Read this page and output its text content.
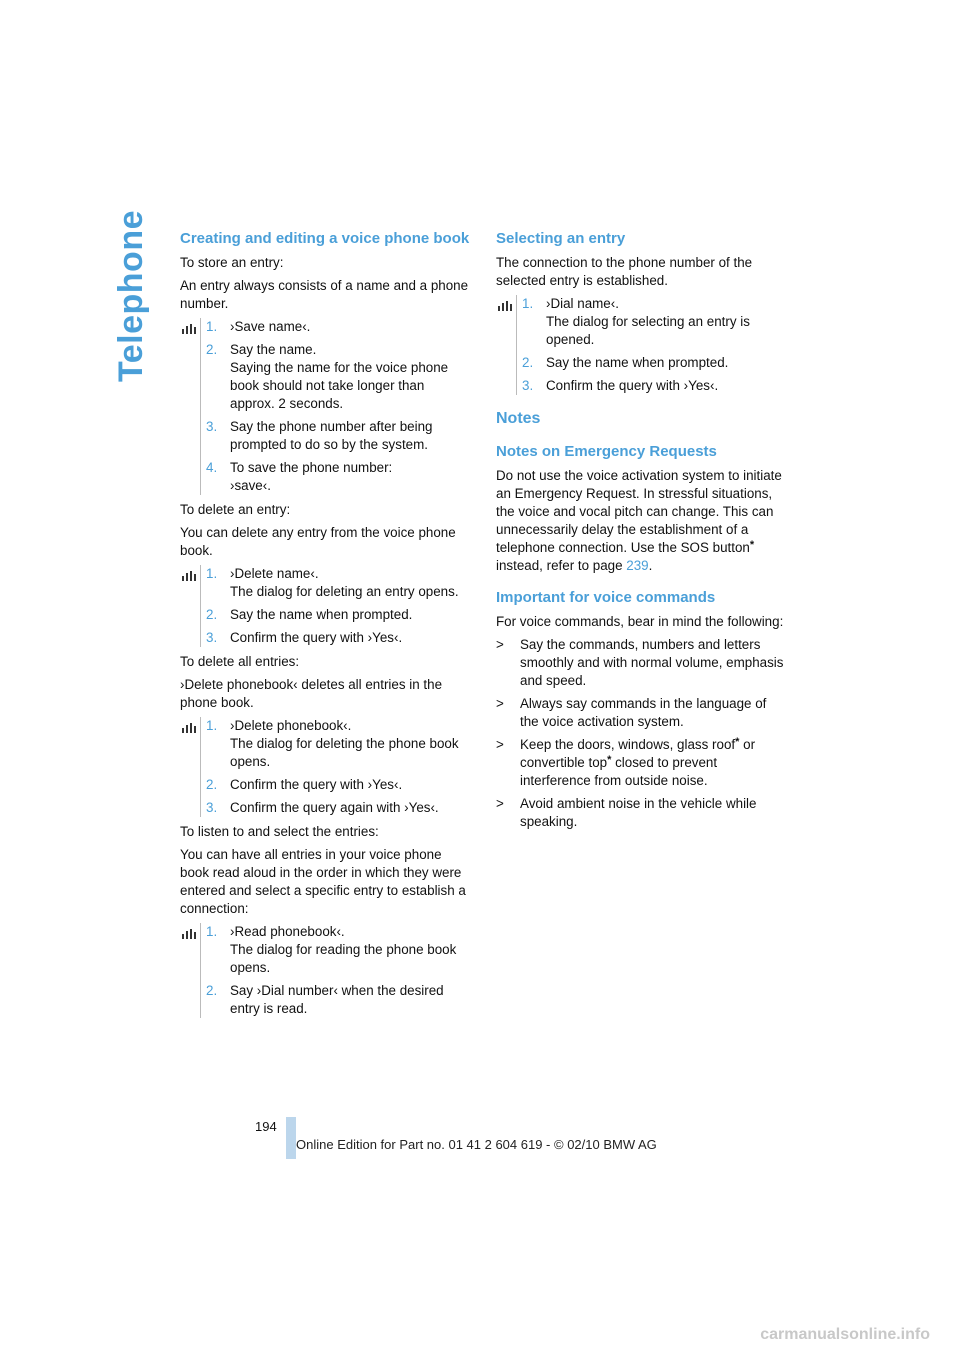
Telephone Creating and editing a voice phone book

To store an entry:

An entry always consists of a name and a phone number.

1. ›Save name‹.
2. Say the name.
Saying the name for the voice phone book should not take longer than approx. 2 seconds.
3. Say the phone number after being prompted to do so by the system.
4. To save the phone number:
›save‹.

To delete an entry:

You can delete any entry from the voice phone book.

1. ›Delete name‹.
The dialog for deleting an entry opens.
2. Say the name when prompted.
3. Confirm the query with ›Yes‹.

To delete all entries:

›Delete phonebook‹ deletes all entries in the phone book.

1. ›Delete phonebook‹.
The dialog for deleting the phone book opens.
2. Confirm the query with ›Yes‹.
3. Confirm the query again with ›Yes‹.

To listen to and select the entries:

You can have all entries in your voice phone book read aloud in the order in which they were entered and select a specific entry to establish a connection:

1. ›Read phonebook‹.
The dialog for reading the phone book opens.
2. Say ›Dial number‹ when the desired entry is read.
Selecting an entry

The connection to the phone number of the selected entry is established.

1. ›Dial name‹.
The dialog for selecting an entry is opened.
2. Say the name when prompted.
3. Confirm the query with ›Yes‹.
Notes
Notes on Emergency Requests

Do not use the voice activation system to initiate an Emergency Request. In stressful situations, the voice and vocal pitch can change. This can unnecessarily delay the establishment of a telephone connection. Use the SOS button* instead, refer to page 239.

Important for voice commands

For voice commands, bear in mind the following:

>	Say the commands, numbers and letters smoothly and with normal volume, emphasis and speed.
>	Always say commands in the language of the voice activation system.
>	Keep the doors, windows, glass roof* or convertible top* closed to prevent interference from outside noise.
>	Avoid ambient noise in the vehicle while speaking.
194
Online Edition for Part no. 01 41 2 604 619 - © 02/10 BMW AG
carmanualsonline.info
